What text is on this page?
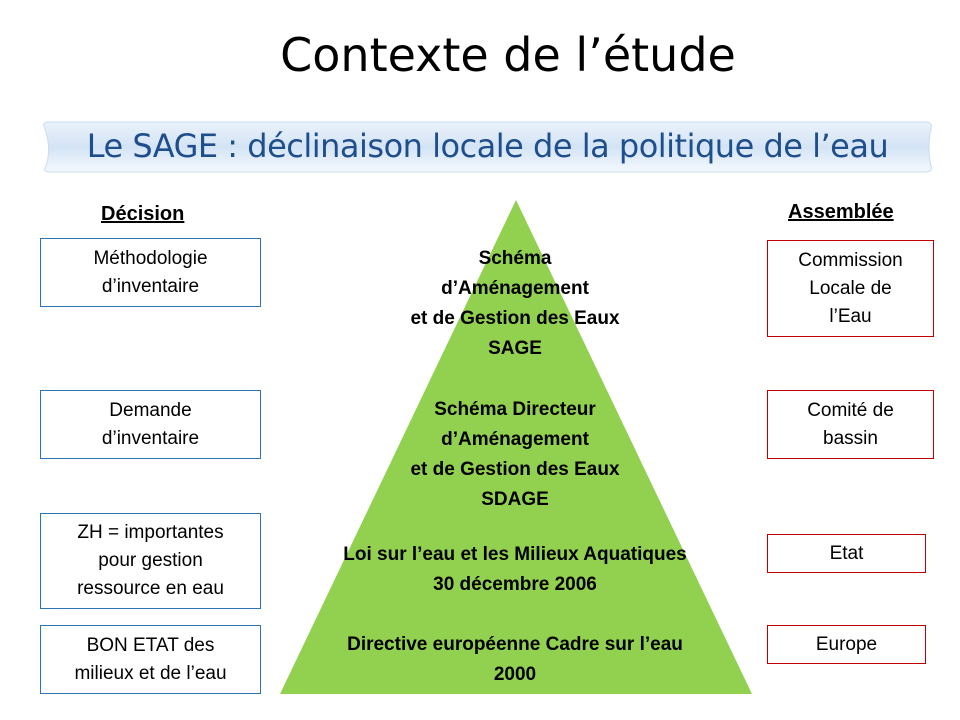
Contexte de l’étude
Le SAGE : déclinaison locale de la politique de l’eau
Décision	Assemblée
Méthodologie
d’inventaire
Demande
d’inventaire
ZH = importantes
pour gestion
ressource en eau
BON ETAT des
milieux et de l’eau
Schéma
d’Aménagement
et de Gestion des Eaux
SAGE
Schéma Directeur
d’Aménagement
et de Gestion des Eaux
SDAGE
Loi sur l’eau et les Milieux Aquatiques
30 décembre 2006
Directive européenne Cadre sur l’eau
2000
Commission
Locale de
l’Eau
Comité de
bassin
Etat
Europe
